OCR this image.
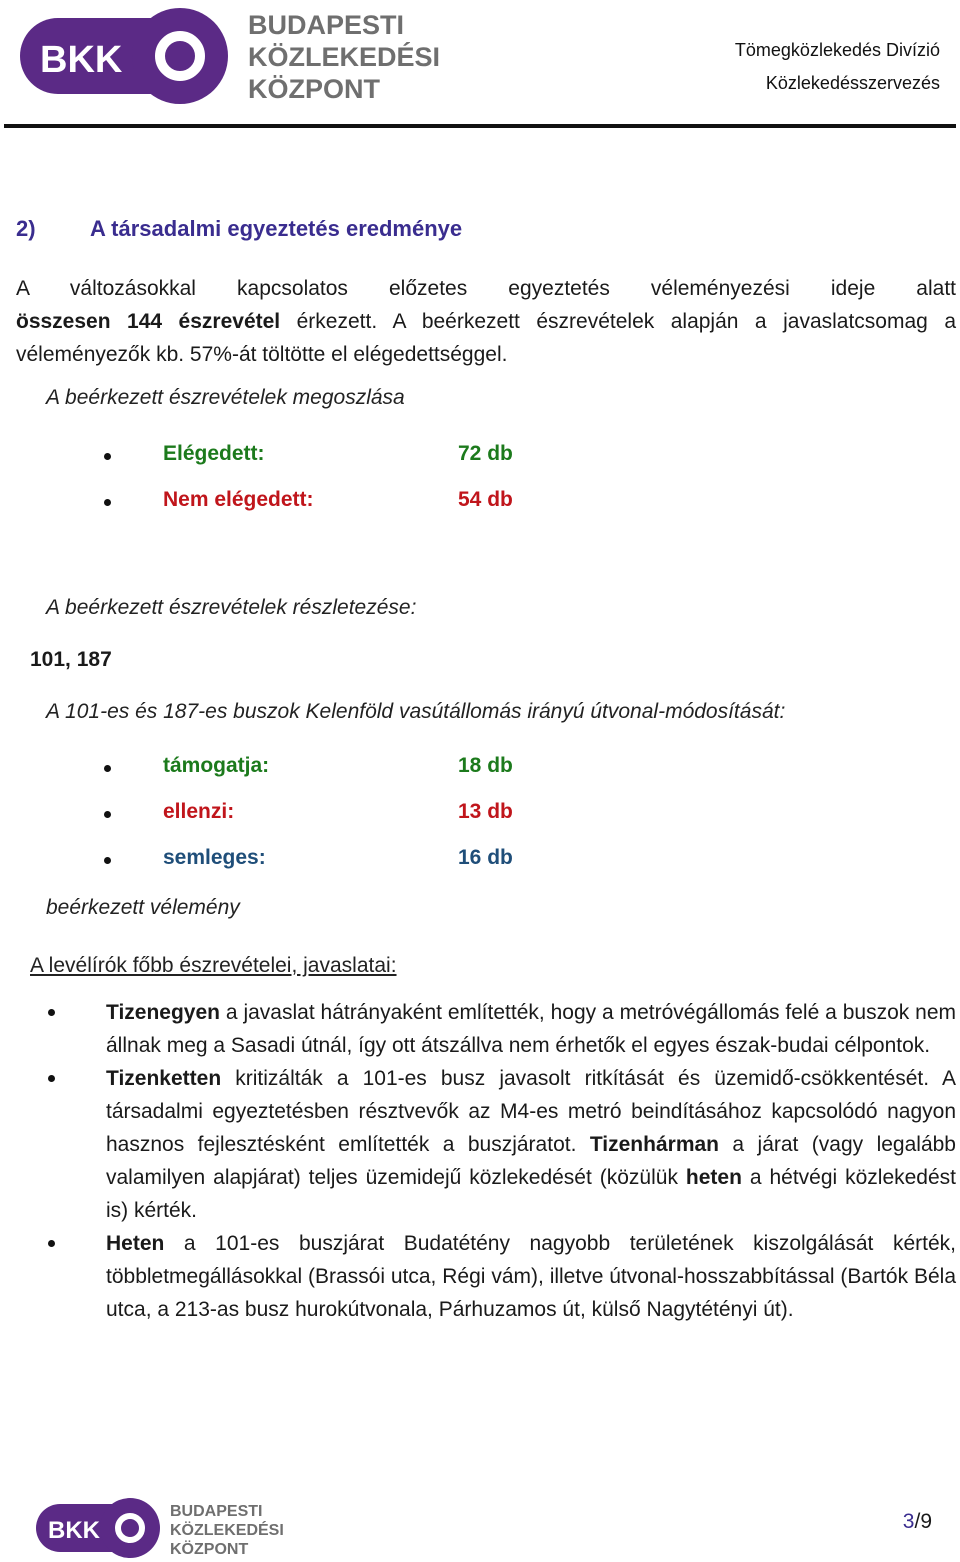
BKK
BUDAPESTI
KÖZLEKEDÉSI
KÖZPONT
Tömegközlekedés Divízió
Közlekedésszervezés
2) A társadalmi egyeztetés eredménye
A változásokkal kapcsolatos előzetes egyeztetés véleményezési ideje alatt
összesen 144 észrevétel érkezett. A beérkezett észrevételek alapján a javaslatcsomag a véleményezők kb. 57%-át töltötte el elégedettséggel.
A beérkezett észrevételek megoszlása
Elégedett:	72 db
Nem elégedett:	54 db
A beérkezett észrevételek részletezése:
101, 187
A 101-es és 187-es buszok Kelenföld vasútállomás irányú útvonal-módosítását:
támogatja:	18 db
ellenzi:	13 db
semleges:	16 db
beérkezett vélemény
A levélírók főbb észrevételei, javaslatai:
Tizenegyen a javaslat hátrányaként említették, hogy a metróvégállomás felé a buszok nem állnak meg a Sasadi útnál, így ott átszállva nem érhetők el egyes észak-budai célpontok.
Tizenketten kritizálták a 101-es busz javasolt ritkítását és üzemidő-csökkentését. A társadalmi egyeztetésben résztvevők az M4-es metró beindításához kapcsolódó nagyon hasznos fejlesztésként említették a buszjáratot. Tizenhárman a járat (vagy legalább valamilyen alapjárat) teljes üzemidejű közlekedését (közülük heten a hétvégi közlekedést is) kérték.
Heten a 101-es buszjárat Budatétény nagyobb területének kiszolgálását kérték, többletmegállásokkal (Brassói utca, Régi vám), illetve útvonal-hosszabbítással (Bartók Béla utca, a 213-as busz hurokútvonala, Párhuzamos út, külső Nagytétényi út).
BKK
BUDAPESTI
KÖZLEKEDÉSI
KÖZPONT
3/9
